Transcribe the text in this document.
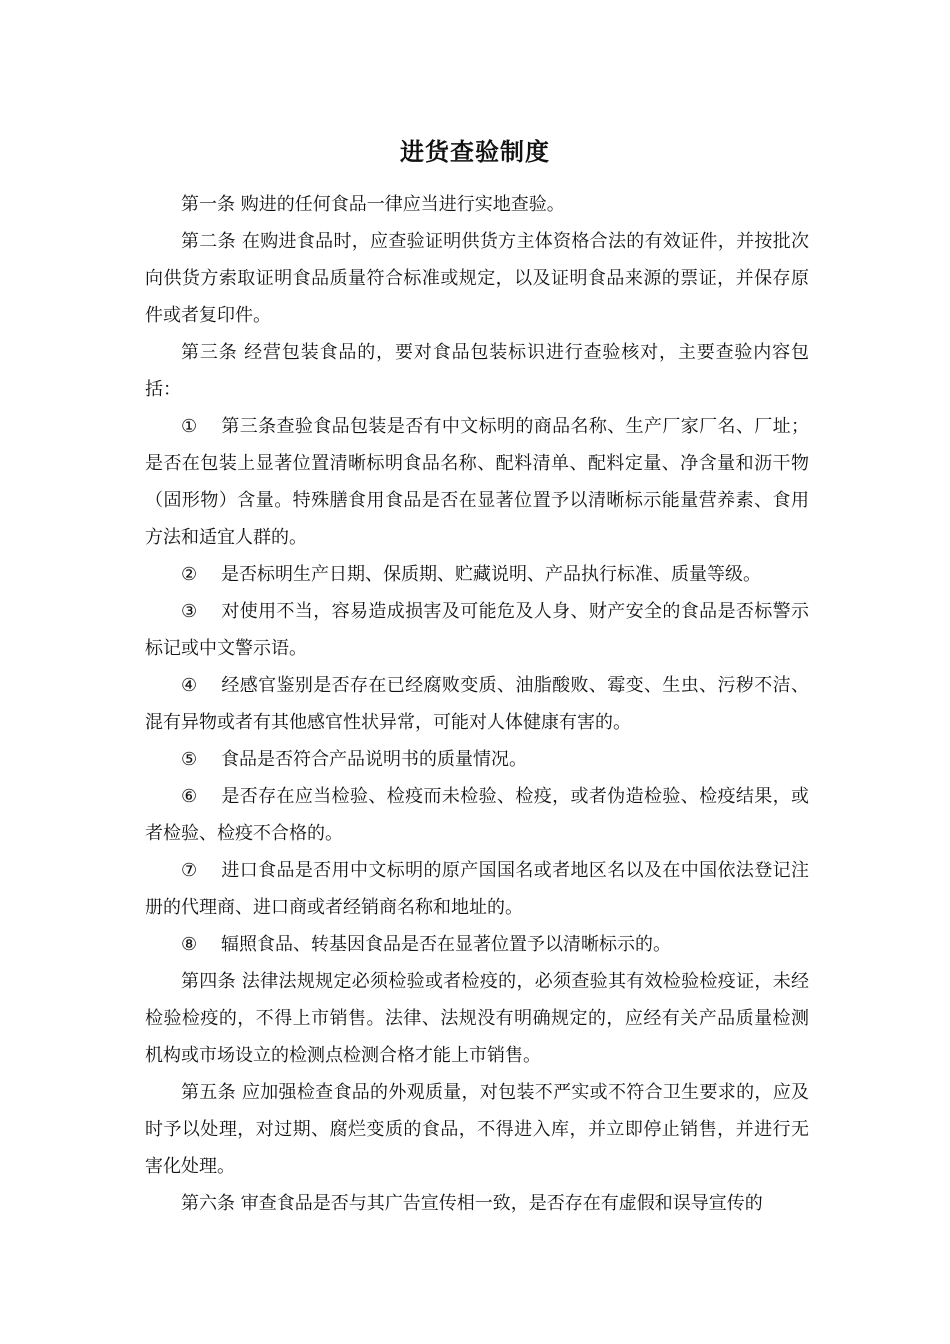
进货查验制度

第一条 购进的任何食品一律应当进行实地查验。

第二条 在购进食品时，应查验证明供货方主体资格合法的有效证件，并按批次向供货方索取证明食品质量符合标准或规定，以及证明食品来源的票证，并保存原件或者复印件。

第三条 经营包装食品的，要对食品包装标识进行查验核对，主要查验内容包括：

① 第三条查验食品包装是否有中文标明的商品名称、生产厂家厂名、厂址；是否在包装上显著位置清晰标明食品名称、配料清单、配料定量、净含量和沥干物（固形物）含量。特殊膳食用食品是否在显著位置予以清晰标示能量营养素、食用方法和适宜人群的。

② 是否标明生产日期、保质期、贮藏说明、产品执行标准、质量等级。

③ 对使用不当，容易造成损害及可能危及人身、财产安全的食品是否标警示标记或中文警示语。

④ 经感官鉴别是否存在已经腐败变质、油脂酸败、霉变、生虫、污秽不洁、混有异物或者有其他感官性状异常，可能对人体健康有害的。

⑤ 食品是否符合产品说明书的质量情况。

⑥ 是否存在应当检验、检疫而未检验、检疫，或者伪造检验、检疫结果，或者检验、检疫不合格的。

⑦ 进口食品是否用中文标明的原产国国名或者地区名以及在中国依法登记注册的代理商、进口商或者经销商名称和地址的。

⑧ 辐照食品、转基因食品是否在显著位置予以清晰标示的。

第四条 法律法规规定必须检验或者检疫的，必须查验其有效检验检疫证，未经检验检疫的，不得上市销售。法律、法规没有明确规定的，应经有关产品质量检测机构或市场设立的检测点检测合格才能上市销售。

第五条 应加强检查食品的外观质量，对包装不严实或不符合卫生要求的，应及时予以处理，对过期、腐烂变质的食品，不得进入库，并立即停止销售，并进行无害化处理。

第六条 审查食品是否与其广告宣传相一致，是否存在有虚假和误导宣传的
